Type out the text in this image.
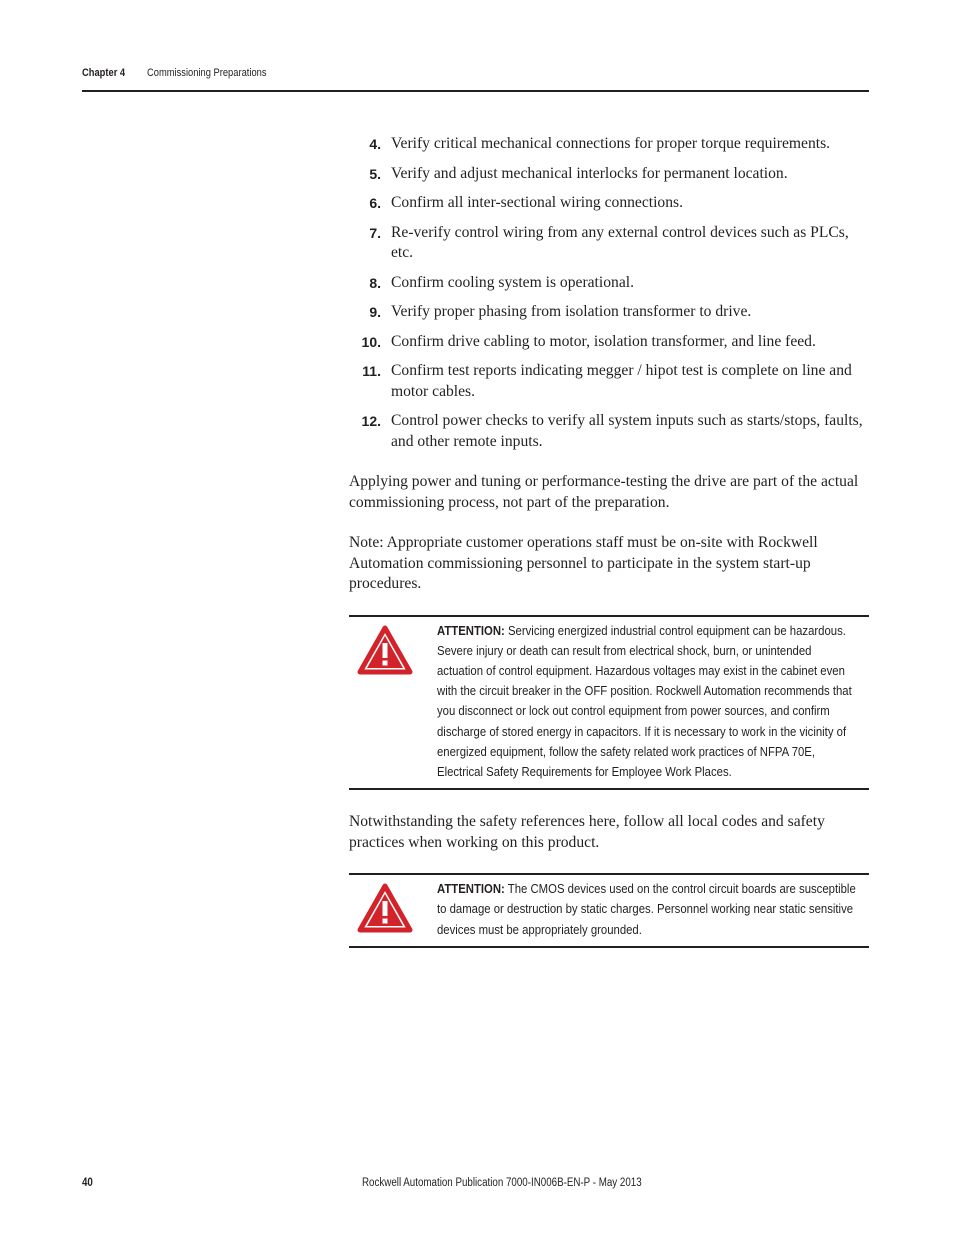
Chapter 4 Commissioning Preparations
4. Verify critical mechanical connections for proper torque requirements.
5. Verify and adjust mechanical interlocks for permanent location.
6. Confirm all inter-sectional wiring connections.
7. Re-verify control wiring from any external control devices such as PLCs, etc.
8. Confirm cooling system is operational.
9. Verify proper phasing from isolation transformer to drive.
10. Confirm drive cabling to motor, isolation transformer, and line feed.
11. Confirm test reports indicating megger / hipot test is complete on line and motor cables.
12. Control power checks to verify all system inputs such as starts/stops, faults, and other remote inputs.

Applying power and tuning or performance-testing the drive are part of the actual commissioning process, not part of the preparation.

Note: Appropriate customer operations staff must be on-site with Rockwell Automation commissioning personnel to participate in the system start-up procedures.

ATTENTION: Servicing energized industrial control equipment can be hazardous. Severe injury or death can result from electrical shock, burn, or unintended actuation of control equipment. Hazardous voltages may exist in the cabinet even with the circuit breaker in the OFF position. Rockwell Automation recommends that you disconnect or lock out control equipment from power sources, and confirm discharge of stored energy in capacitors. If it is necessary to work in the vicinity of energized equipment, follow the safety related work practices of NFPA 70E, Electrical Safety Requirements for Employee Work Places.

Notwithstanding the safety references here, follow all local codes and safety practices when working on this product.

ATTENTION: The CMOS devices used on the control circuit boards are susceptible to damage or destruction by static charges. Personnel working near static sensitive devices must be appropriately grounded.
40	Rockwell Automation Publication 7000-IN006B-EN-P - May 2013
